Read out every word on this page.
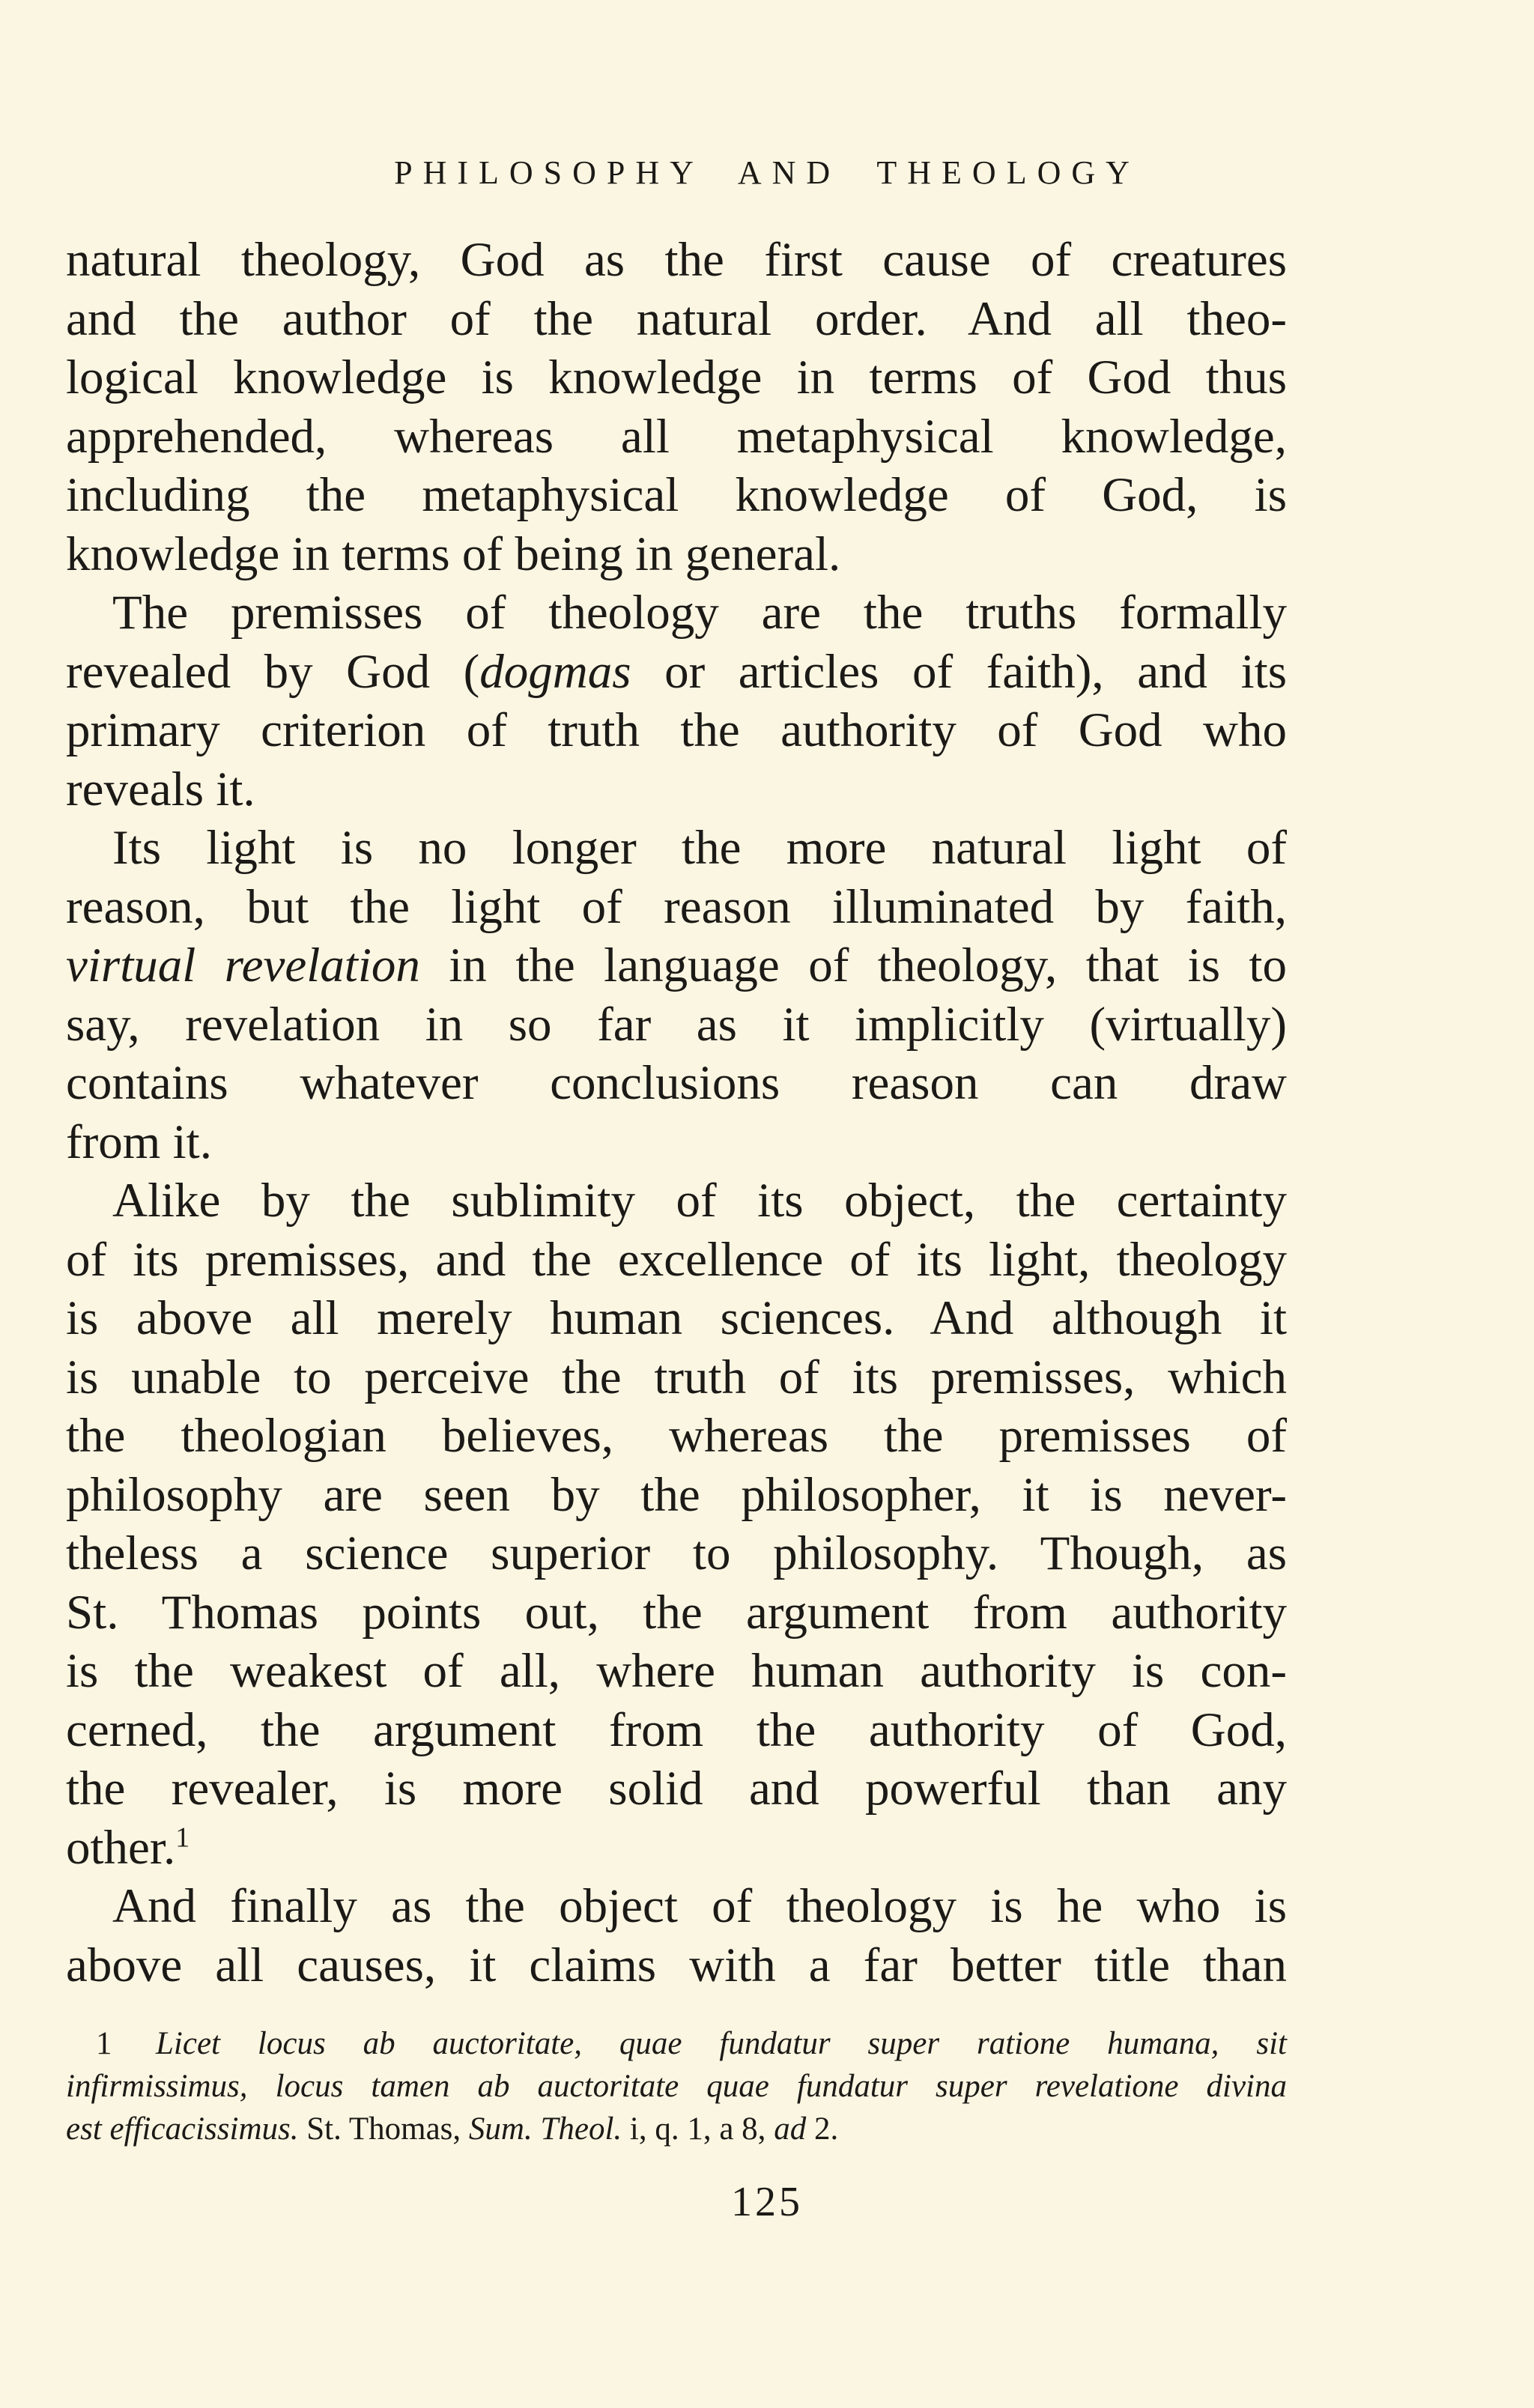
PHILOSOPHY AND THEOLOGY
natural theology, God as the first cause of creatures
and the author of the natural order. And all theo-
logical knowledge is knowledge in terms of God thus
apprehended, whereas all metaphysical knowledge,
including the metaphysical knowledge of God, is
knowledge in terms of being in general.
The premisses of theology are the truths formally
revealed by God (dogmas or articles of faith), and its
primary criterion of truth the authority of God who
reveals it.
Its light is no longer the more natural light of
reason, but the light of reason illuminated by faith,
virtual revelation in the language of theology, that is to
say, revelation in so far as it implicitly (virtually)
contains whatever conclusions reason can draw
from it.
Alike by the sublimity of its object, the certainty
of its premisses, and the excellence of its light, theology
is above all merely human sciences. And although it
is unable to perceive the truth of its premisses, which
the theologian believes, whereas the premisses of
philosophy are seen by the philosopher, it is never-
theless a science superior to philosophy. Though, as
St. Thomas points out, the argument from authority
is the weakest of all, where human authority is con-
cerned, the argument from the authority of God,
the revealer, is more solid and powerful than any
other.$^1$
And finally as the object of theology is he who is
above all causes, it claims with a far better title than
1 Licet locus ab auctoritate, quae fundatur super ratione humana, sit
infirmissimus, locus tamen ab auctoritate quae fundatur super revelatione divina
est efficacissimus. St. Thomas, Sum. Theol. i, q. 1, a 8, ad 2.
125
